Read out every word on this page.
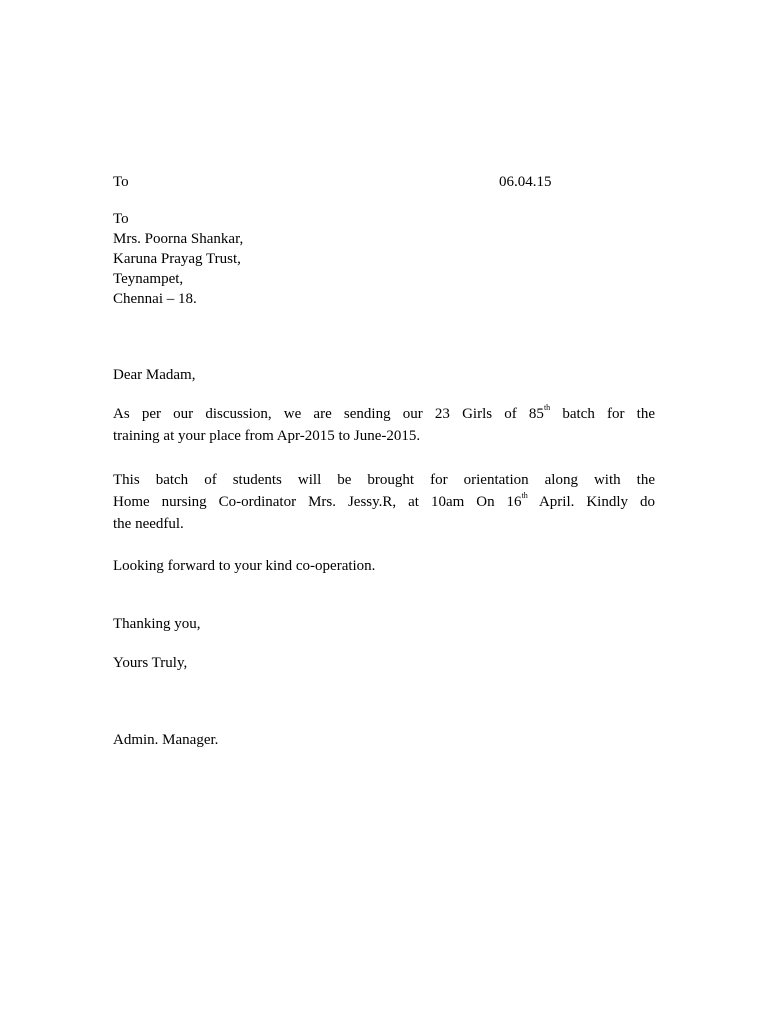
To	06.04.15
To
Mrs. Poorna Shankar,
Karuna Prayag Trust,
Teynampet,
Chennai – 18.
Dear Madam,
As per our discussion, we are sending our 23 Girls of 85th batch for the
training at your place from Apr-2015 to June-2015.
This batch of students will be brought for orientation along with the
Home nursing Co-ordinator Mrs. Jessy.R, at 10am On 16th April. Kindly do
the needful.
Looking forward to your kind co-operation.
Thanking you,
Yours Truly,
Admin. Manager.
